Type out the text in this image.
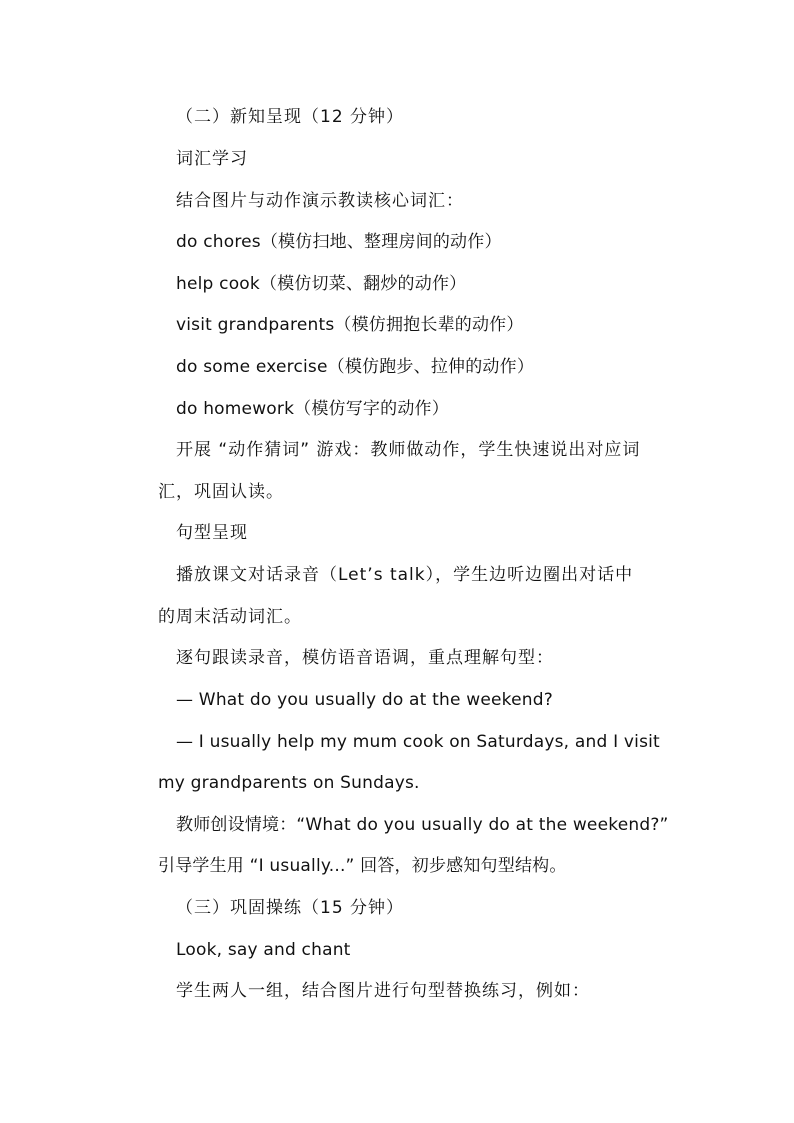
（二）新知呈现（12 分钟）
词汇学习
结合图片与动作演示教读核心词汇：
do chores（模仿扫地、整理房间的动作）
help cook（模仿切菜、翻炒的动作）
visit grandparents（模仿拥抱长辈的动作）
do some exercise（模仿跑步、拉伸的动作）
do homework（模仿写字的动作）
开展 “动作猜词” 游戏：教师做动作，学生快速说出对应词
汇，巩固认读。
句型呈现
播放课文对话录音（Let’s talk），学生边听边圈出对话中
的周末活动词汇。
逐句跟读录音，模仿语音语调，重点理解句型：
— What do you usually do at the weekend?
— I usually help my mum cook on Saturdays, and I visit
my grandparents on Sundays.
教师创设情境：“What do you usually do at the weekend?”
引导学生用 “I usually...” 回答，初步感知句型结构。
（三）巩固操练（15 分钟）
Look, say and chant
学生两人一组，结合图片进行句型替换练习，例如：
